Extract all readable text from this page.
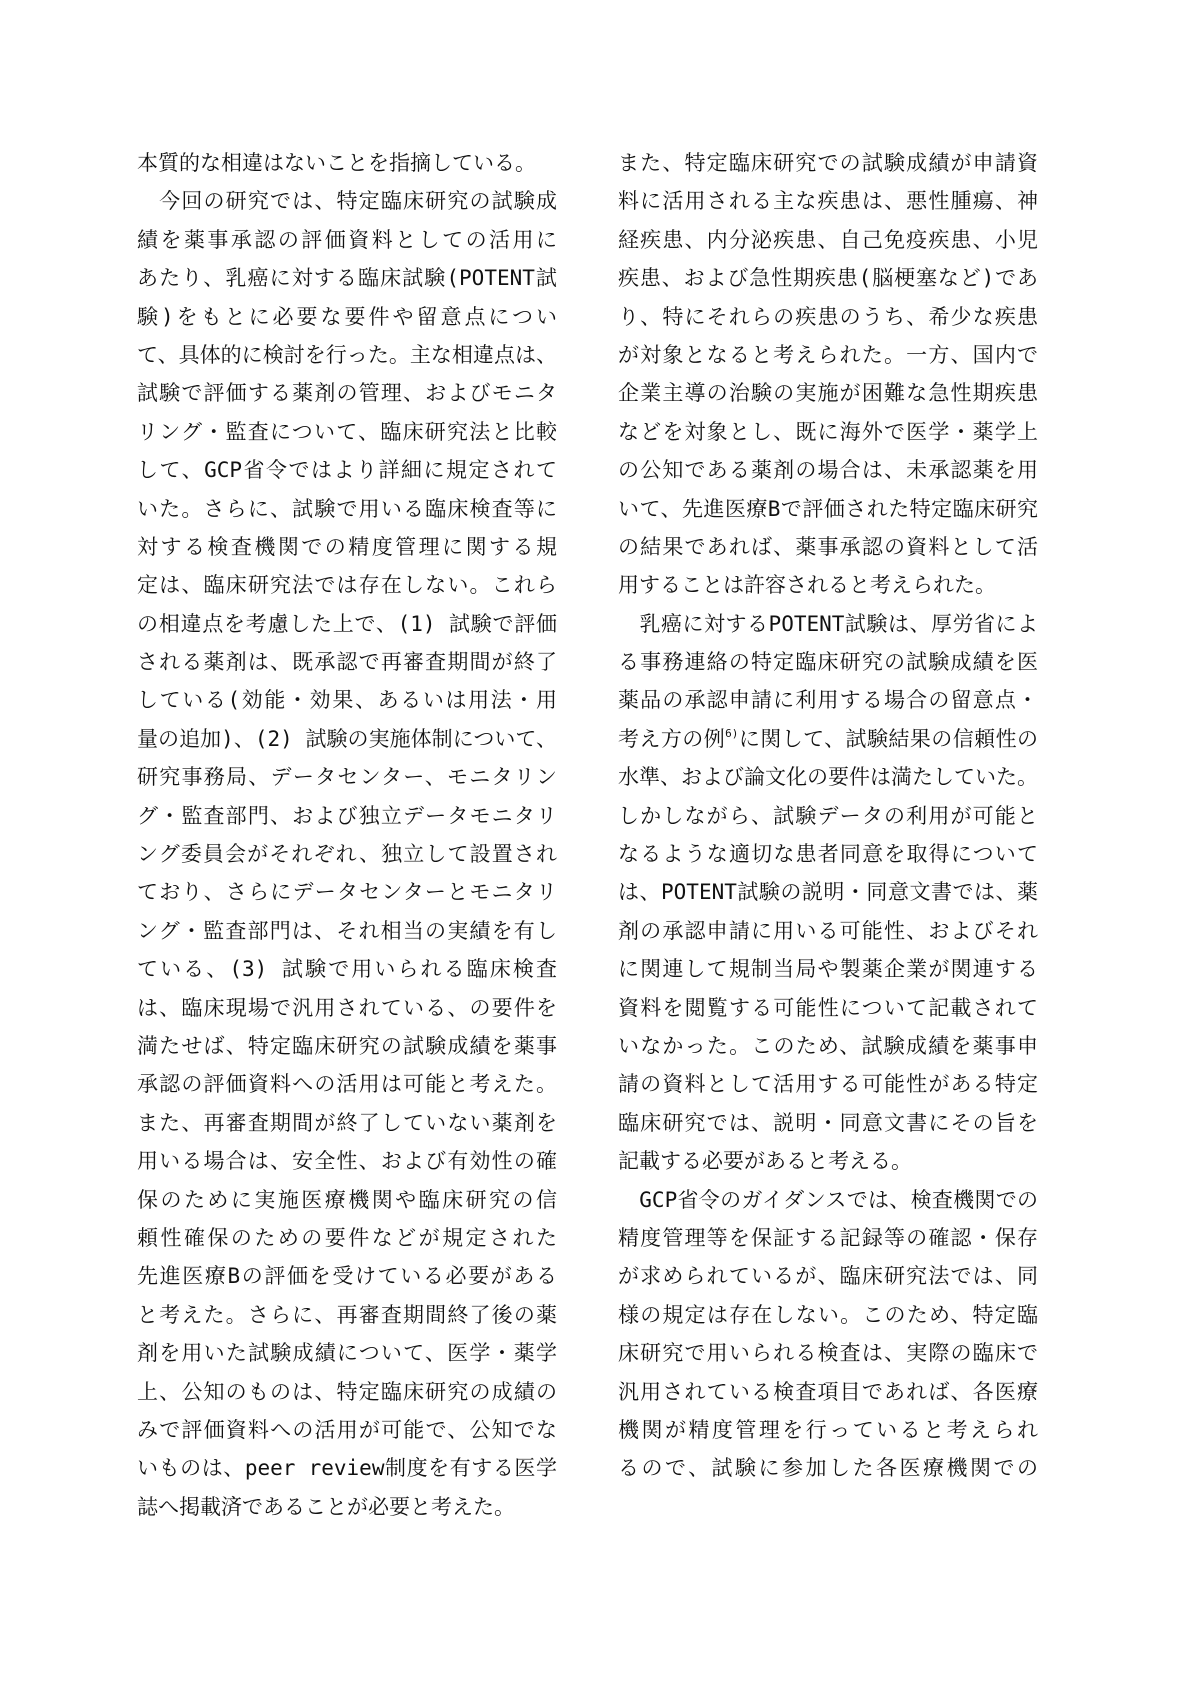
本質的な相違はないことを指摘している。
　今回の研究では、特定臨床研究の試験成
績を薬事承認の評価資料としての活用に
あたり、乳癌に対する臨床試験(POTENT試
験)をもとに必要な要件や留意点につい
て、具体的に検討を行った。主な相違点は、
試験で評価する薬剤の管理、およびモニタ
リング・監査について、臨床研究法と比較
して、GCP省令ではより詳細に規定されて
いた。さらに、試験で用いる臨床検査等に
対する検査機関での精度管理に関する規
定は、臨床研究法では存在しない。これら
の相違点を考慮した上で、(1) 試験で評価
される薬剤は、既承認で再審査期間が終了
している(効能・効果、あるいは用法・用
量の追加)、(2) 試験の実施体制について、
研究事務局、データセンター、モニタリン
グ・監査部門、および独立データモニタリ
ング委員会がそれぞれ、独立して設置され
ており、さらにデータセンターとモニタリ
ング・監査部門は、それ相当の実績を有し
ている、(3) 試験で用いられる臨床検査
は、臨床現場で汎用されている、の要件を
満たせば、特定臨床研究の試験成績を薬事
承認の評価資料への活用は可能と考えた。
また、再審査期間が終了していない薬剤を
用いる場合は、安全性、および有効性の確
保のために実施医療機関や臨床研究の信
頼性確保のための要件などが規定された
先進医療Bの評価を受けている必要がある
と考えた。さらに、再審査期間終了後の薬
剤を用いた試験成績について、医学・薬学
上、公知のものは、特定臨床研究の成績の
みで評価資料への活用が可能で、公知でな
いものは、peer review制度を有する医学
誌へ掲載済であることが必要と考えた。
また、特定臨床研究での試験成績が申請資
料に活用される主な疾患は、悪性腫瘍、神
経疾患、内分泌疾患、自己免疫疾患、小児
疾患、および急性期疾患(脳梗塞など)であ
り、特にそれらの疾患のうち、希少な疾患
が対象となると考えられた。一方、国内で
企業主導の治験の実施が困難な急性期疾患
などを対象とし、既に海外で医学・薬学上
の公知である薬剤の場合は、未承認薬を用
いて、先進医療Bで評価された特定臨床研究
の結果であれば、薬事承認の資料として活
用することは許容されると考えられた。
　乳癌に対するPOTENT試験は、厚労省によ
る事務連絡の特定臨床研究の試験成績を医
薬品の承認申請に利用する場合の留意点・
考え方の例$^{6)}$に関して、試験結果の信頼性の
水準、および論文化の要件は満たしていた。
しかしながら、試験データの利用が可能と
なるような適切な患者同意を取得について
は、POTENT試験の説明・同意文書では、薬
剤の承認申請に用いる可能性、およびそれ
に関連して規制当局や製薬企業が関連する
資料を閲覧する可能性について記載されて
いなかった。このため、試験成績を薬事申
請の資料として活用する可能性がある特定
臨床研究では、説明・同意文書にその旨を
記載する必要があると考える。
　GCP省令のガイダンスでは、検査機関での
精度管理等を保証する記録等の確認・保存
が求められているが、臨床研究法では、同
様の規定は存在しない。このため、特定臨
床研究で用いられる検査は、実際の臨床で
汎用されている検査項目であれば、各医療
機関が精度管理を行っていると考えられ
るので、試験に参加した各医療機関での
